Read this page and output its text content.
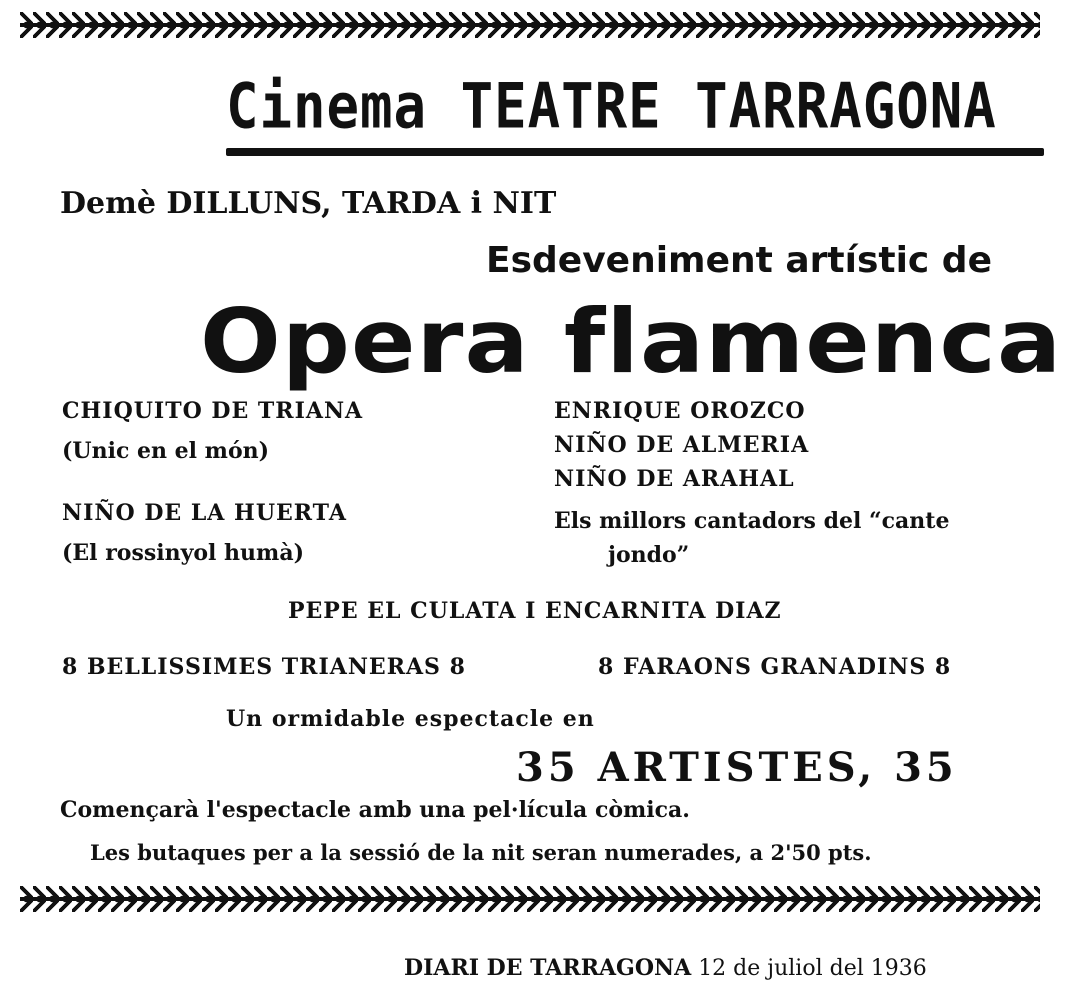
Cinema TEATRE TARRAGONA
Demè DILLUNS, TARDA i NIT
Esdeveniment artístic de
Opera flamenca
CHIQUITO DE TRIANA
(Unic en el món)
NIÑO DE LA HUERTA
(El rossinyol humà)
ENRIQUE OROZCO
NIÑO DE ALMERIA
NIÑO DE ARAHAL
Els millors cantadors del “cante
jondo”
PEPE EL CULATA I ENCARNITA DIAZ
8 BELLISSIMES TRIANERAS 8	8 FARAONS GRANADINS 8
Un ormidable espectacle en
35 ARTISTES, 35
Començarà l'espectacle amb una pel·lícula còmica.
Les butaques per a la sessió de la nit seran numerades, a 2'50 pts.
DIARI DE TARRAGONA 12 de juliol del 1936
